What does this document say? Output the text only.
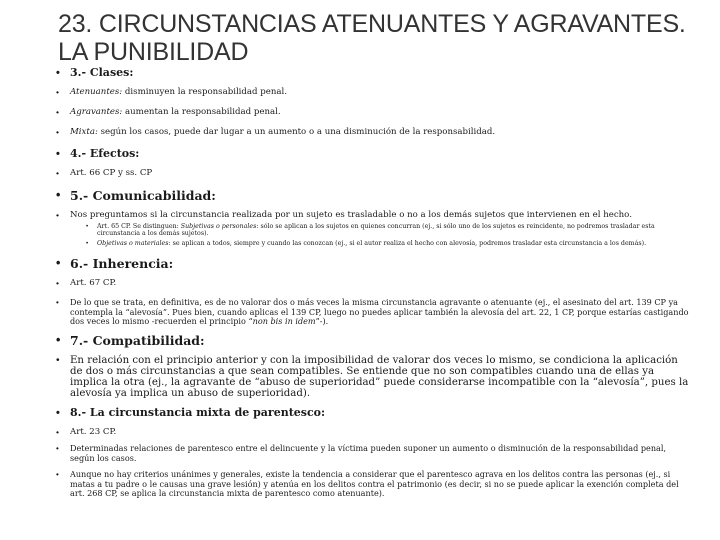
23. CIRCUNSTANCIAS ATENUANTES Y AGRAVANTES. LA PUNIBILIDAD
• 3.- Clases:
• Atenuantes: disminuyen la responsabilidad penal.
• Agravantes: aumentan la responsabilidad penal.
• Mixta: según los casos, puede dar lugar a un aumento o a una disminución de la responsabilidad.
• 4.- Efectos:
• Art. 66 CP y ss. CP
• 5.- Comunicabilidad:
• Nos preguntamos si la circunstancia realizada por un sujeto es trasladable o no a los demás sujetos que intervienen en el hecho.
• Art. 65 CP. Se distinguen: Subjetivas o personales: sólo se aplican a los sujetos en quienes concurran (ej., si sólo uno de los sujetos es reincidente, no podremos trasladar esta circunstancia a los demás sujetos).
• Objetivas o materiales: se aplican a todos, siempre y cuando las conozcan (ej., si el autor realiza el hecho con alevosía, podremos trasladar esta circunstancia a los demás).
• 6.- Inherencia:
• Art. 67 CP.
• De lo que se trata, en definitiva, es de no valorar dos o más veces la misma circunstancia agravante o atenuante (ej., el asesinato del art. 139 CP ya contempla la “alevosía”. Pues bien, cuando aplicas el 139 CP, luego no puedes aplicar también la alevosía del art. 22, 1 CP, porque estarías castigando dos veces lo mismo -recuerden el principio “non bis in idem”-).
• 7.- Compatibilidad:
• En relación con el principio anterior y con la imposibilidad de valorar dos veces lo mismo, se condiciona la aplicación de dos o más circunstancias a que sean compatibles. Se entiende que no son compatibles cuando una de ellas ya implica la otra (ej., la agravante de “abuso de superioridad” puede considerarse incompatible con la “alevosía”, pues la alevosía ya implica un abuso de superioridad).
• 8.- La circunstancia mixta de parentesco:
• Art. 23 CP.
• Determinadas relaciones de parentesco entre el delincuente y la víctima pueden suponer un aumento o disminución de la responsabilidad penal, según los casos.
• Aunque no hay criterios unánimes y generales, existe la tendencia a considerar que el parentesco agrava en los delitos contra las personas (ej., si matas a tu padre o le causas una grave lesión) y atenúa en los delitos contra el patrimonio (es decir, si no se puede aplicar la exención completa del art. 268 CP, se aplica la circunstancia mixta de parentesco como atenuante).
